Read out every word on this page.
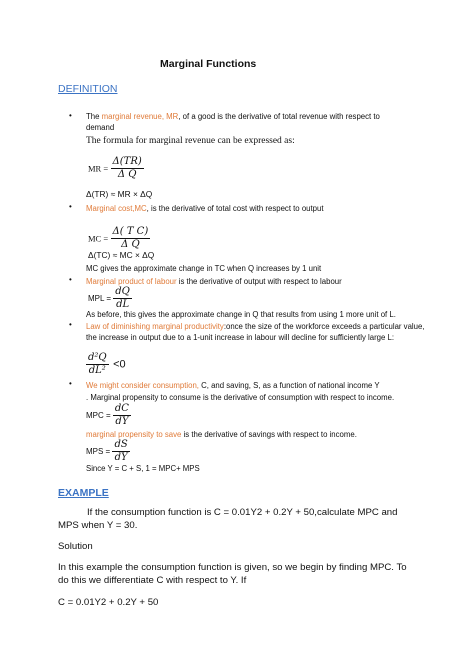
Marginal Functions
DEFINITION
• The marginal revenue, MR, of a good is the derivative of total revenue with respect to
demand
The formula for marginal revenue can be expressed as:
MR = $\frac{\Delta(TR)}{\text{Δ Q}}$
Δ(TR) ≈ MR × ΔQ
• Marginal cost,MC, is the derivative of total cost with respect to output
MC = $\frac{\text{Δ( T C)}}{\text{Δ Q}}$
Δ(TC) ≈ MC × ΔQ
MC gives the approximate change in TC when Q increases by 1 unit
• Marginal product of labour is the derivative of output with respect to labour
MPL = $\frac{dQ}{dL}$
As before, this gives the approximate change in Q that results from using 1 more unit of L.
• Law of diminishing marginal productivity:once the size of the workforce exceeds a particular value, the increase in output due to a 1-unit increase in labour will decline for sufficiently large L:
$\frac{\text{d²Q}}{\text{dL²}} <0$
• We might consider consumption, C, and saving, S, as a function of national income Y
. Marginal propensity to consume is the derivative of consumption with respect to income.
MPC = $\frac{dC}{dY}$
marginal propensity to save is the derivative of savings with respect to income.
MPS = $\frac{dS}{dY}$
Since Y = C + S, 1 = MPC+ MPS
EXAMPLE
If the consumption function is C = 0.01Y2 + 0.2Y + 50,calculate MPC and MPS when Y = 30.
Solution
In this example the consumption function is given, so we begin by finding MPC. To do this we differentiate C with respect to Y. If
C = 0.01Y2 + 0.2Y + 50
